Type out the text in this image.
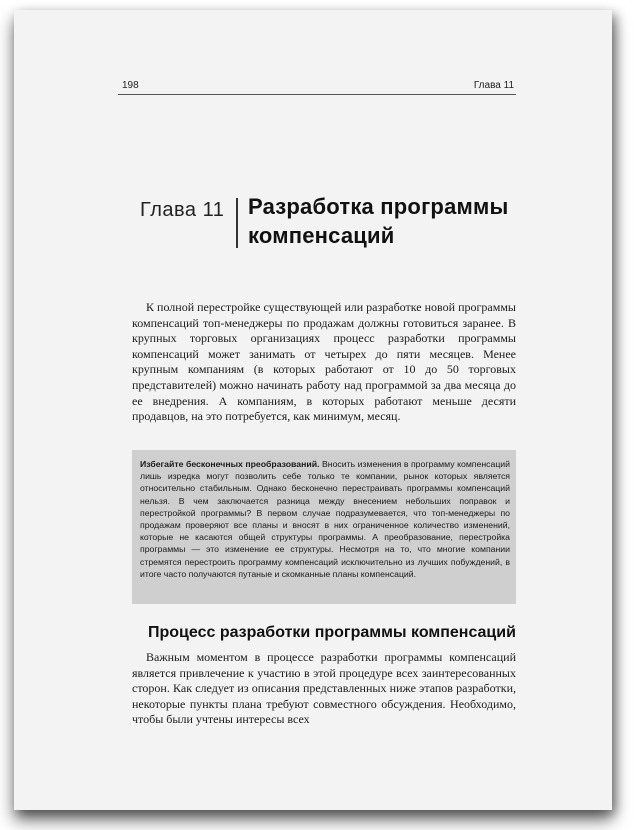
198	Глава 11
Глава 11 Разработка программы
компенсаций

К полной перестройке существующей или разработке новой программы компенсаций топ-менеджеры по продажам должны готовиться заранее. В крупных торговых организациях процесс разработки программы компенсаций может занимать от четырех до пяти месяцев. Менее крупным компаниям (в которых работают от 10 до 50 торговых представителей) можно начинать работу над программой за два месяца до ее внедрения. А компаниям, в которых работают меньше десяти продавцов, на это потребуется, как минимум, месяц.

Избегайте бесконечных преобразований. Вносить изменения в программу компенсаций лишь изредка могут позволить себе только те компании, рынок которых является относительно стабильным. Однако бесконечно перестраивать программы компенсаций нельзя. В чем заключается разница между внесением небольших поправок и перестройкой программы? В первом случае подразумевается, что топ-менеджеры по продажам проверяют все планы и вносят в них ограниченное количество изменений, которые не касаются общей структуры программы. А преобразование, перестройка программы — это изменение ее структуры. Несмотря на то, что многие компании стремятся перестроить программу компенсаций исключительно из лучших побуждений, в итоге часто получаются путаные и скомканные планы компенсаций.
Процесс разработки программы компенсаций

Важным моментом в процессе разработки программы компенсаций является привлечение к участию в этой процедуре всех заинтересованных сторон. Как следует из описания представленных ниже этапов разработки, некоторые пункты плана требуют совместного обсуждения. Необходимо, чтобы были учтены интересы всех
